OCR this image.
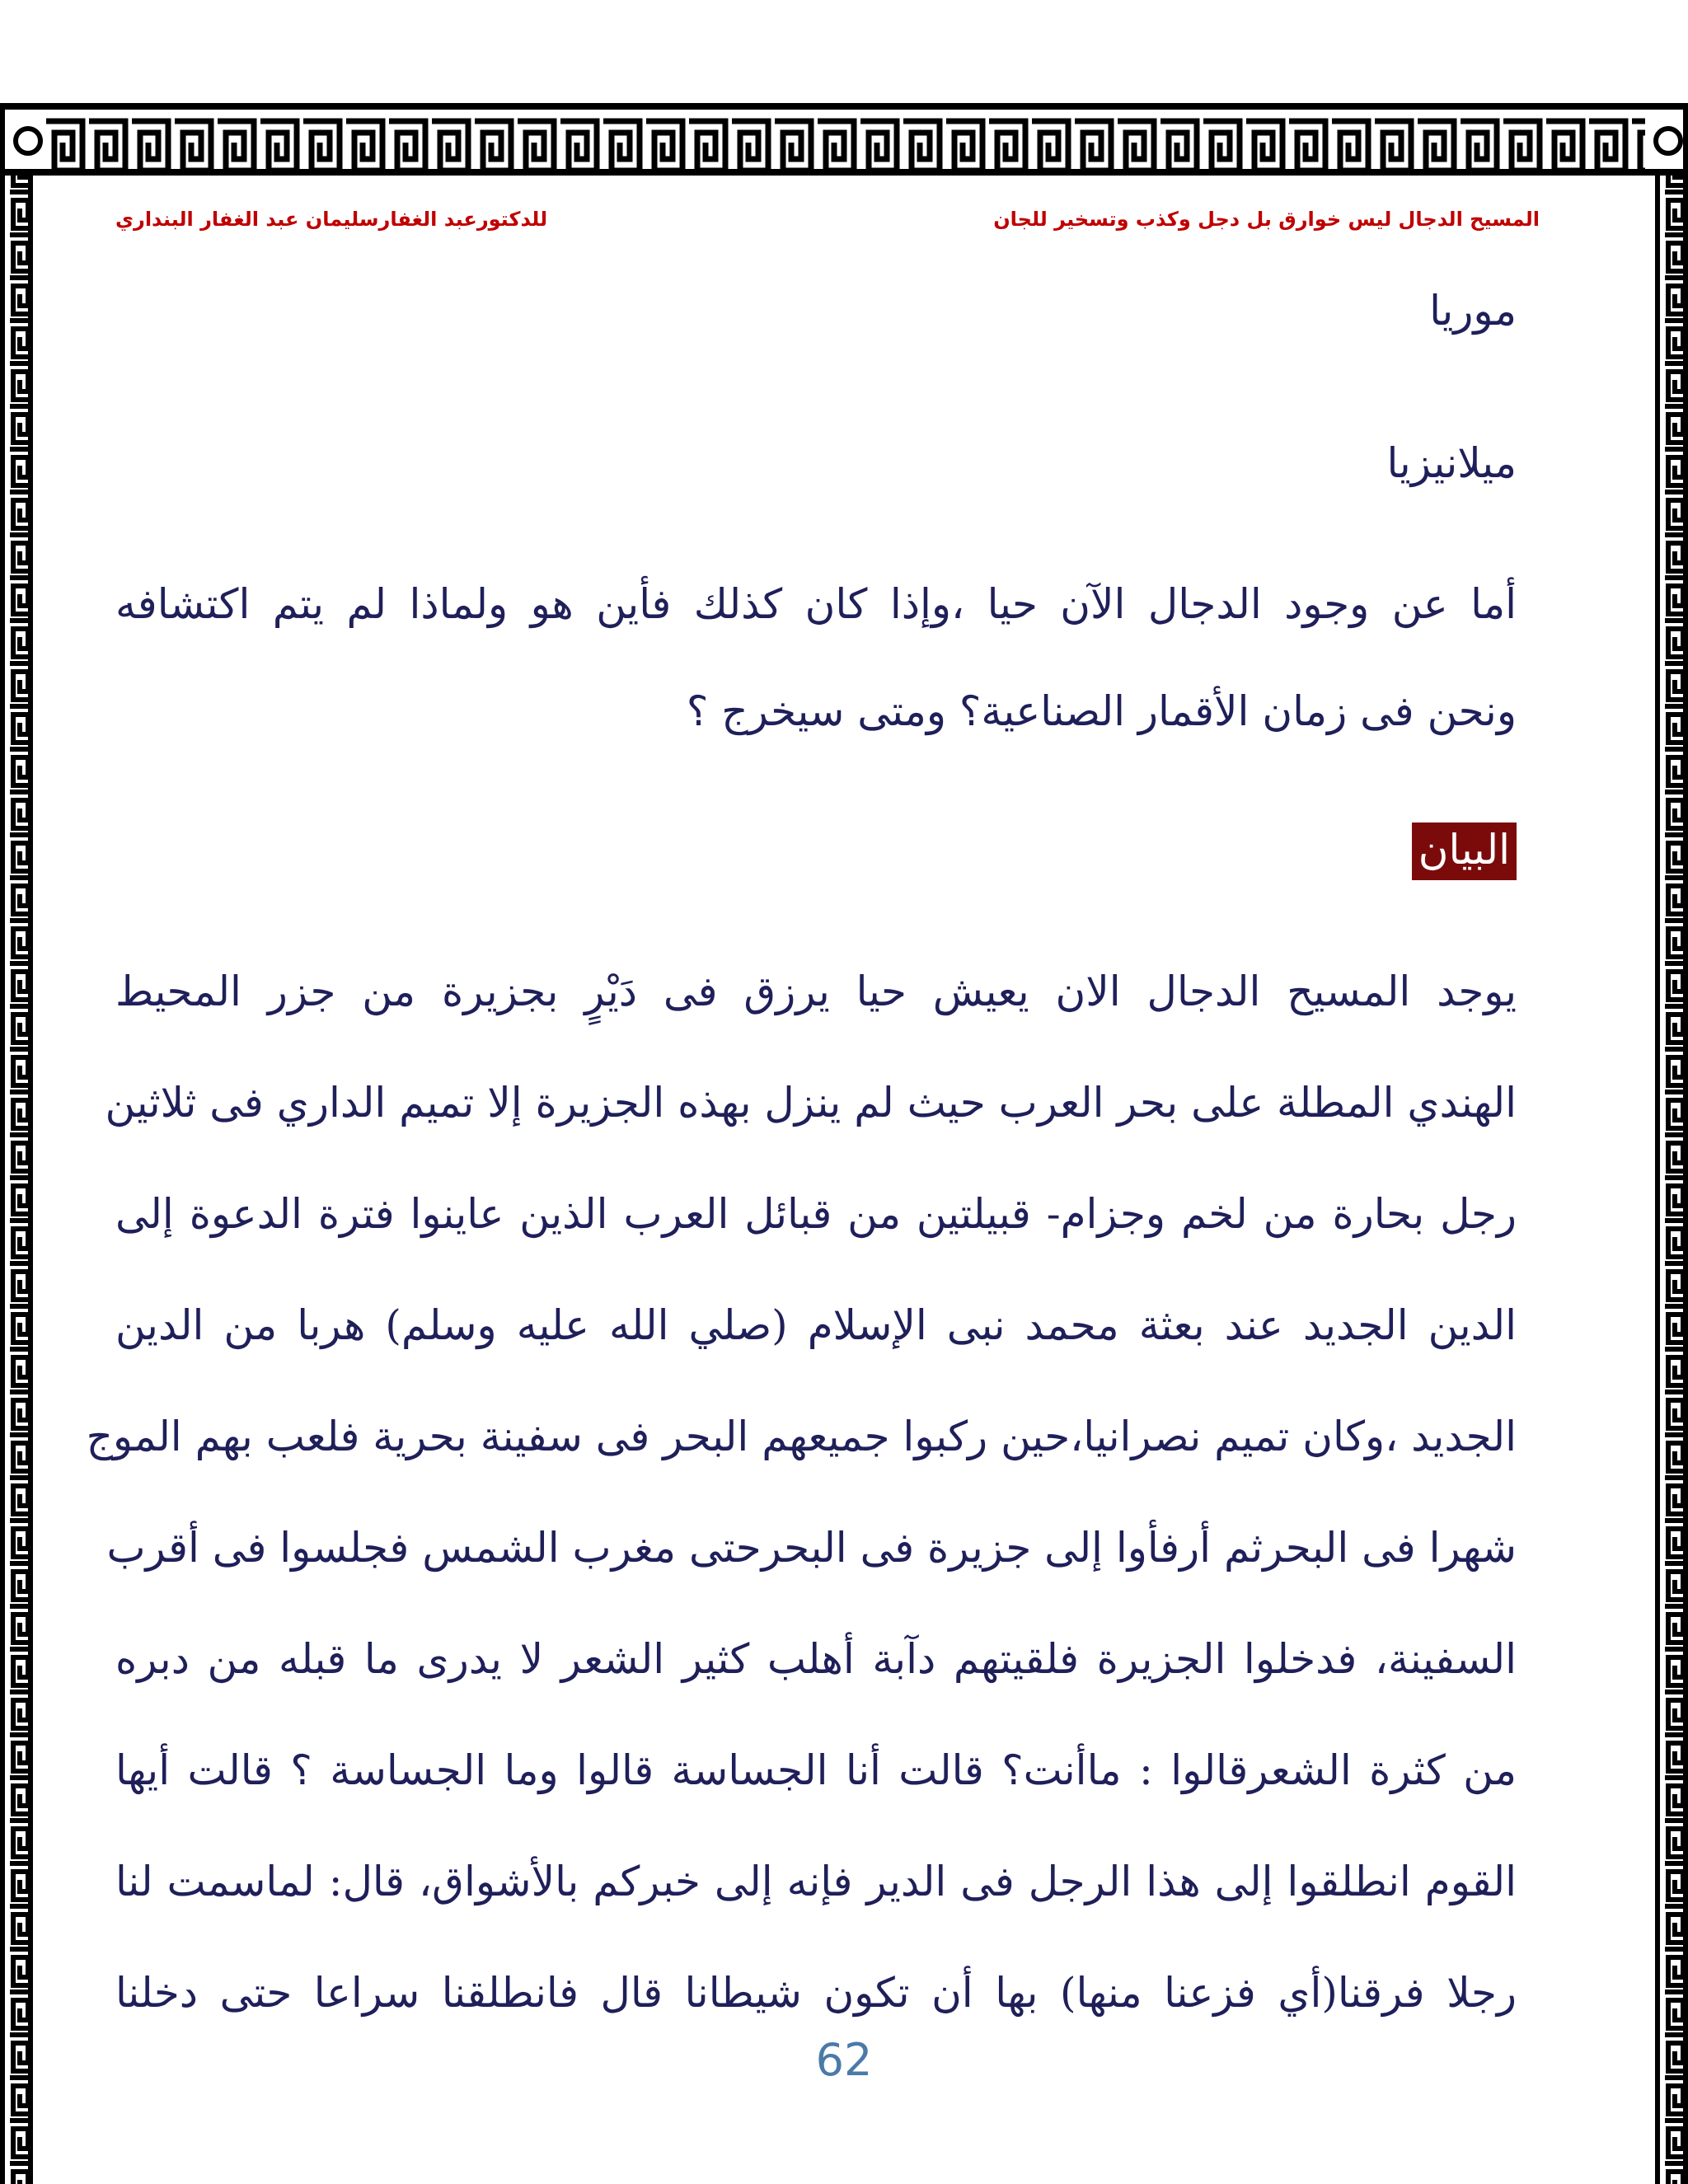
المسيح الدجال ليس خوارق بل دجل وكذب وتسخير للجان
للدكتورعبد الغفارسليمان عبد الغفار البنداري
موريا
ميلانيزيا
أما عن وجود الدجال الآن حيا ،وإذا كان كذلك فأين هو ولماذا لم يتم اكتشافه
ونحن فى زمان الأقمار الصناعية؟ ومتى سيخرج ؟
يوجد المسيح الدجال الان يعيش حيا يرزق فى دَيْرٍ بجزيرة من جزر المحيط
الهندي المطلة على بحر العرب حيث لم ينزل بهذه الجزيرة إلا تميم الداري فى ثلاثين
رجل بحارة من لخم وجزام- قبيلتين من قبائل العرب الذين عاينوا فترة الدعوة إلى
الدين الجديد عند بعثة محمد نبى الإسلام (صلي الله عليه وسلم) هربا من الدين
الجديد ،وكان تميم نصرانيا،حين ركبوا جميعهم البحر فى سفينة بحرية فلعب بهم الموج
شهرا فى البحرثم أرفأوا إلى جزيرة فى البحرحتى مغرب الشمس فجلسوا فى أقرب
السفينة، فدخلوا الجزيرة فلقيتهم دآبة أهلب كثير الشعر لا يدرى ما قبله من دبره
من كثرة الشعرقالوا : ماأنت؟ قالت أنا الجساسة قالوا وما الجساسة ؟ قالت أيها
القوم انطلقوا إلى هذا الرجل فى الدير فإنه إلى خبركم بالأشواق، قال: لماسمت لنا
رجلا فرقنا(أي فزعنا منها) بها أن تكون شيطانا قال فانطلقنا سراعا حتى دخلنا
البيان
62
